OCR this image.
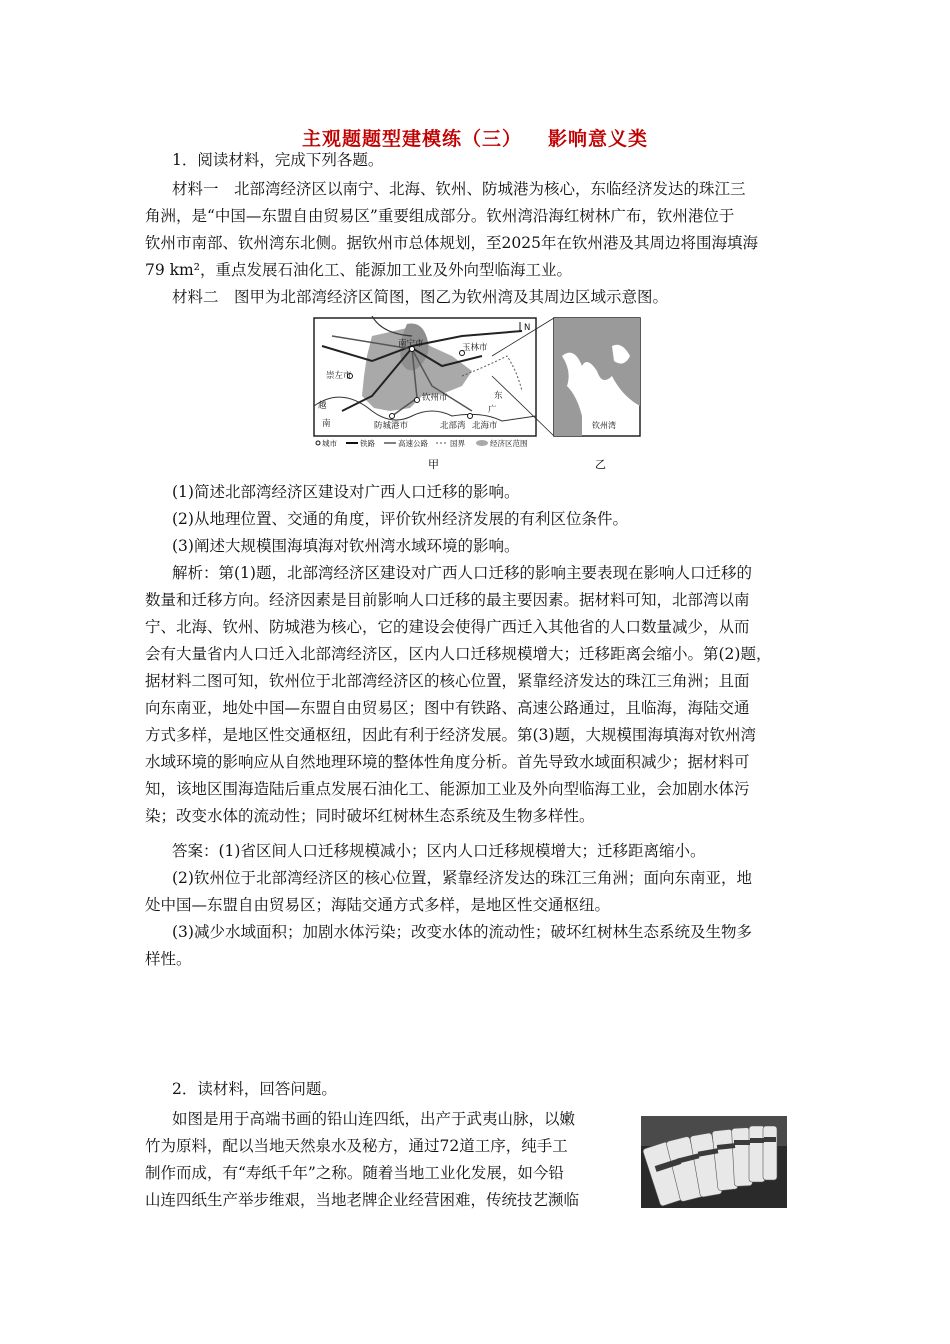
主观题题型建模练（三） 影响意义类
1．阅读材料，完成下列各题。
材料一　北部湾经济区以南宁、北海、钦州、防城港为核心，东临经济发达的珠江三
角洲，是“中国—东盟自由贸易区”重要组成部分。钦州湾沿海红树林广布，钦州港位于
钦州市南部、钦州湾东北侧。据钦州市总体规划，至2025年在钦州港及其周边将围海填海
79 km²，重点发展石油化工、能源加工业及外向型临海工业。
材料二　图甲为北部湾经济区简图，图乙为钦州湾及其周边区域示意图。
南宁市	玉林市
崇左市
钦州市
防城港市	北海市
北部湾
越
南
东
广
N
城市	铁路	高速公路	国界	经济区范围
甲
钦州湾
乙
(1)简述北部湾经济区建设对广西人口迁移的影响。
(2)从地理位置、交通的角度，评价钦州经济发展的有利区位条件。
(3)阐述大规模围海填海对钦州湾水域环境的影响。
解析：第(1)题，北部湾经济区建设对广西人口迁移的影响主要表现在影响人口迁移的
数量和迁移方向。经济因素是目前影响人口迁移的最主要因素。据材料可知，北部湾以南
宁、北海、钦州、防城港为核心，它的建设会使得广西迁入其他省的人口数量减少，从而
会有大量省内人口迁入北部湾经济区，区内人口迁移规模增大；迁移距离会缩小。第(2)题，
据材料二图可知，钦州位于北部湾经济区的核心位置，紧靠经济发达的珠江三角洲；且面
向东南亚，地处中国—东盟自由贸易区；图中有铁路、高速公路通过，且临海，海陆交通
方式多样，是地区性交通枢纽，因此有利于经济发展。第(3)题，大规模围海填海对钦州湾
水域环境的影响应从自然地理环境的整体性角度分析。首先导致水域面积减少；据材料可
知，该地区围海造陆后重点发展石油化工、能源加工业及外向型临海工业，会加剧水体污
染；改变水体的流动性；同时破坏红树林生态系统及生物多样性。
答案：(1)省区间人口迁移规模减小；区内人口迁移规模增大；迁移距离缩小。
(2)钦州位于北部湾经济区的核心位置，紧靠经济发达的珠江三角洲；面向东南亚，地
处中国—东盟自由贸易区；海陆交通方式多样，是地区性交通枢纽。
(3)减少水域面积；加剧水体污染；改变水体的流动性；破坏红树林生态系统及生物多
样性。
2．读材料，回答问题。
如图是用于高端书画的铅山连四纸，出产于武夷山脉，以嫩
竹为原料，配以当地天然泉水及秘方，通过72道工序，纯手工
制作而成，有“寿纸千年”之称。随着当地工业化发展，如今铅
山连四纸生产举步维艰，当地老牌企业经营困难，传统技艺濒临
